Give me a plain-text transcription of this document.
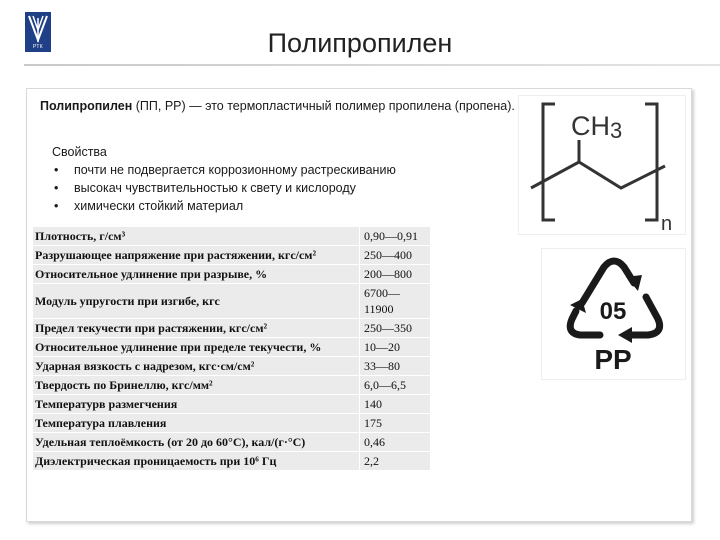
РТК	Полипропилен
Полипропилен (ПП, PP) — это термопластичный полимер пропилена (пропена).
Свойства
• почти не подвергается коррозионному растрескиванию
• высокач чувствительностью к свету и кислороду
• химически стойкий материал
Плотность, г/см³	0,90—0,91
Разрушающее напряжение при растяжении, кгс/см²	250—400
Относительное удлинение при разрыве, %	200—800
Модуль упругости при изгибе, кгс	6700—11900
Предел текучести при растяжении, кгс/см²	250—350
Относительное удлинение при пределе текучести, %	10—20
Ударная вязкость с надрезом, кгс·см/см²	33—80
Твердость по Бринеллю, кгс/мм²	6,0—6,5
Температурв размегчения	140
Температура плавления	175
Удельная теплоёмкость (от 20 до 60°С), кал/(г·°С)	0,46
Диэлектрическая проницаемость при 10⁶ Гц	2,2
CH3
n
05
PP
